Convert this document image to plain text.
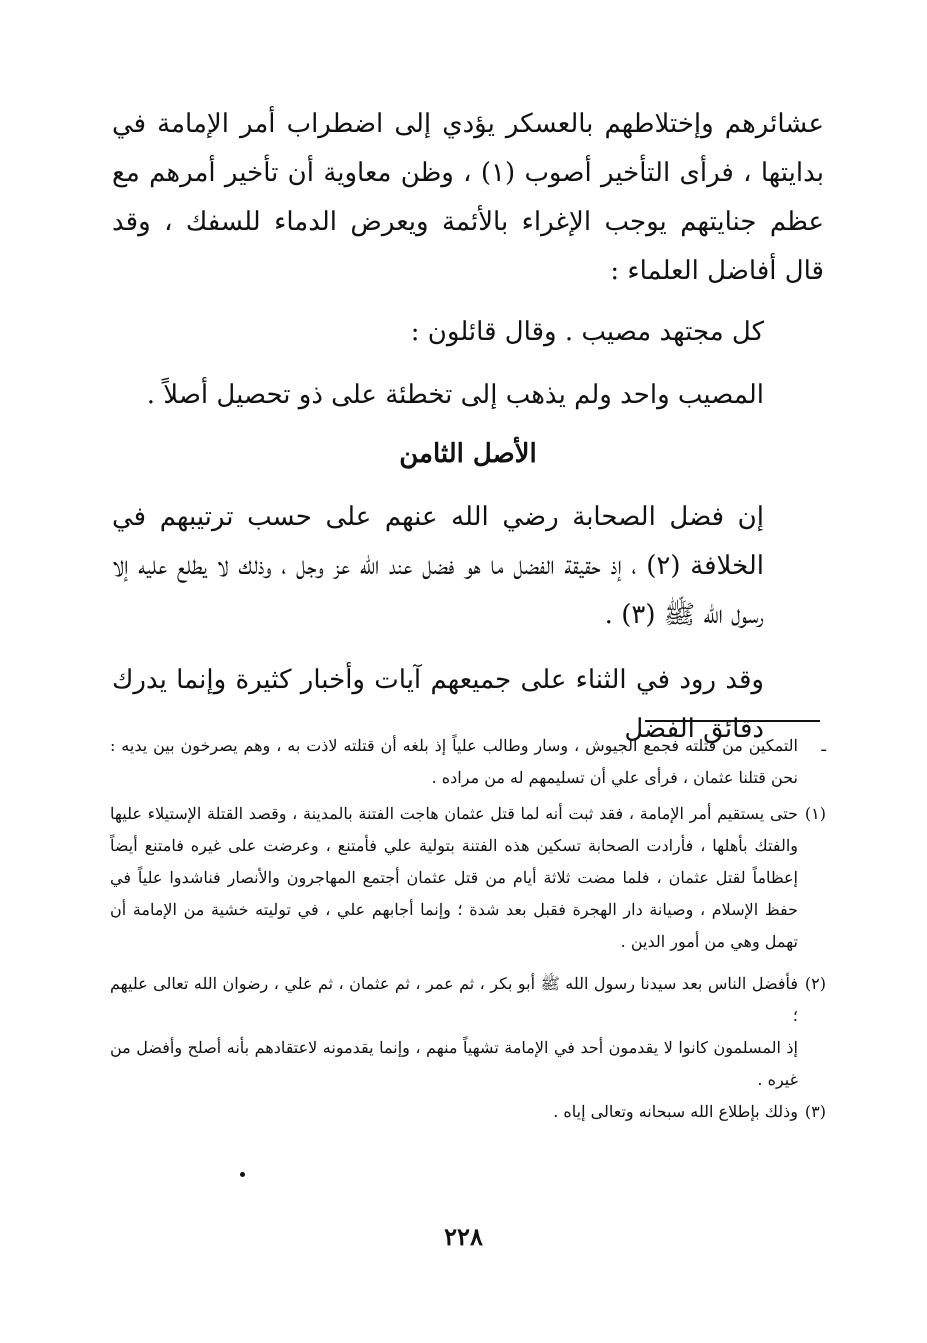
عشائرهم وإختلاطهم بالعسكر يؤدي إلى اضطراب أمر الإمامة في بدايتها ، فرأى التأخير أصوب (١) ، وظن معاوية أن تأخير أمرهم مع عظم جنايتهم يوجب الإغراء بالأئمة ويعرض الدماء للسفك ، وقد قال أفاضل العلماء :

كل مجتهد مصيب . وقال قائلون :

المصيب واحد ولم يذهب إلى تخطئة على ذو تحصيل أصلاً .

الأصل الثامن

إن فضل الصحابة رضي الله عنهم على حسب ترتيبهم في الخلافة (٢) ، إذ حقيقة الفضل ما هو فضل عند الله عز وجل ، وذلك لا يطلع عليه إلا رسول الله ﷺ (٣) .

وقد رود في الثناء على جميعهم آيات وأخبار كثيرة وإنما يدرك دقائق الفضل

ـالتمكين من قتلته فجمع الجيوش ، وسار وطالب علياً إذ بلغه أن قتلته لاذت به ، وهم يصرخون بين يديه : نحن قتلنا عثمان ، فرأى علي أن تسليمهم له من مراده .

(١)حتى يستقيم أمر الإمامة ، فقد ثبت أنه لما قتل عثمان هاجت الفتنة بالمدينة ، وقصد القتلة الإستيلاء عليها والفتك بأهلها ، فأرادت الصحابة تسكين هذه الفتنة بتولية علي فأمتنع ، وعرضت على غيره فامتنع أيضاً إعظاماً لقتل عثمان ، فلما مضت ثلاثة أيام من قتل عثمان أجتمع المهاجرون والأنصار فناشدوا علياً في حفظ الإسلام ، وصيانة دار الهجرة فقبل بعد شدة ؛ وإنما أجابهم علي ، في توليته خشية من الإمامة أن تهمل وهي من أمور الدين .

(٢)فأفضل الناس بعد سيدنا رسول الله ﷺ أبو بكر ، ثم عمر ، ثم عثمان ، ثم علي ، رضوان الله تعالى عليهم ؛

إذ المسلمون كانوا لا يقدمون أحد في الإمامة تشهياً منهم ، وإنما يقدمونه لاعتقادهم بأنه أصلح وأفضل من غيره .

(٣)وذلك بإطلاع الله سبحانه وتعالى إياه .

٢٢٨
